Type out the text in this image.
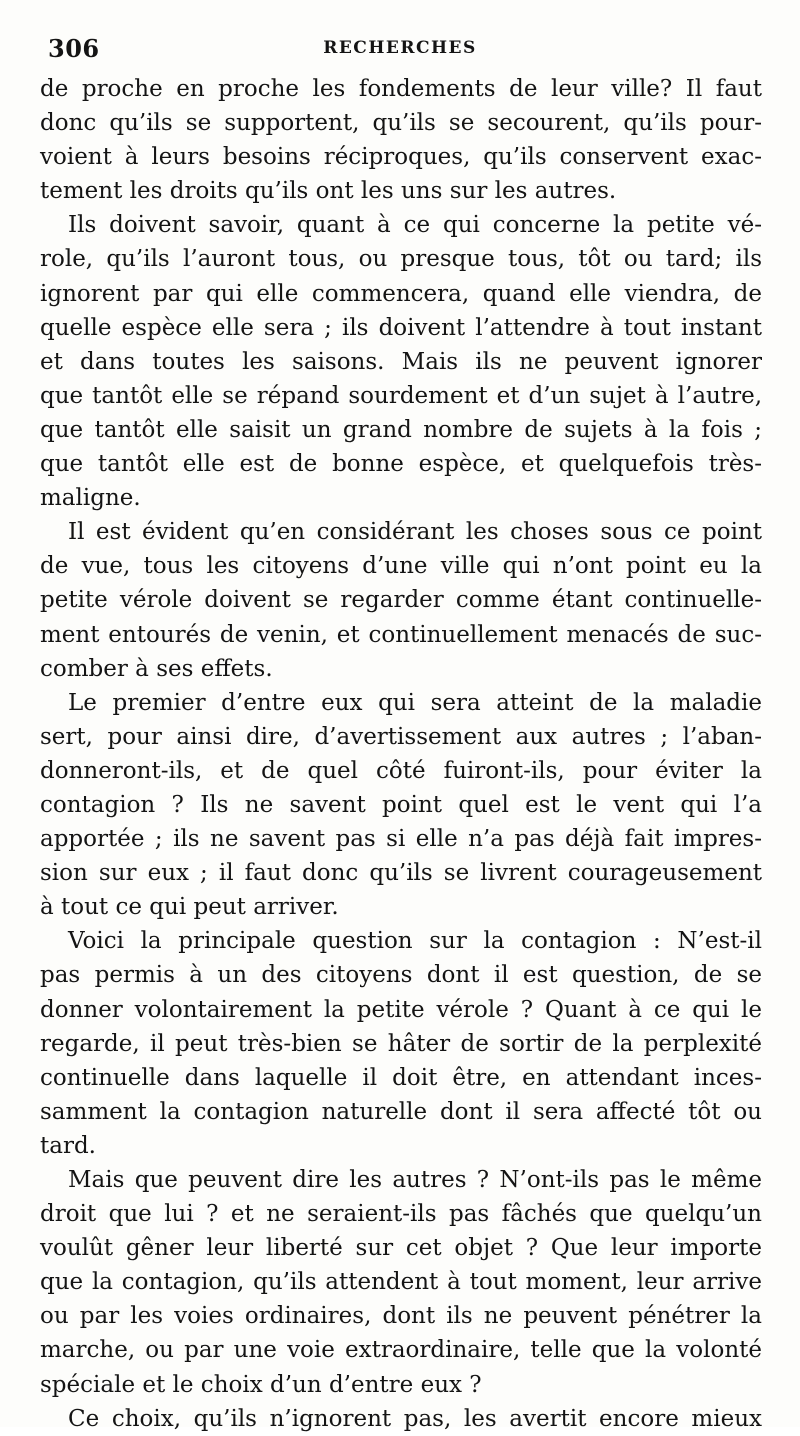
306	RECHERCHES
de proche en proche les fondements de leur ville? Il faut
donc qu’ils se supportent, qu’ils se secourent, qu’ils pour-
voient à leurs besoins réciproques, qu’ils conservent exac-
tement les droits qu’ils ont les uns sur les autres.
Ils doivent savoir, quant à ce qui concerne la petite vé-
role, qu’ils l’auront tous, ou presque tous, tôt ou tard; ils
ignorent par qui elle commencera, quand elle viendra, de
quelle espèce elle sera ; ils doivent l’attendre à tout instant
et dans toutes les saisons. Mais ils ne peuvent ignorer
que tantôt elle se répand sourdement et d’un sujet à l’autre,
que tantôt elle saisit un grand nombre de sujets à la fois ;
que tantôt elle est de bonne espèce, et quelquefois très-
maligne.
Il est évident qu’en considérant les choses sous ce point
de vue, tous les citoyens d’une ville qui n’ont point eu la
petite vérole doivent se regarder comme étant continuelle-
ment entourés de venin, et continuellement menacés de suc-
comber à ses effets.
Le premier d’entre eux qui sera atteint de la maladie
sert, pour ainsi dire, d’avertissement aux autres ; l’aban-
donneront-ils, et de quel côté fuiront-ils, pour éviter la
contagion ? Ils ne savent point quel est le vent qui l’a
apportée ; ils ne savent pas si elle n’a pas déjà fait impres-
sion sur eux ; il faut donc qu’ils se livrent courageusement
à tout ce qui peut arriver.
Voici la principale question sur la contagion : N’est-il
pas permis à un des citoyens dont il est question, de se
donner volontairement la petite vérole ? Quant à ce qui le
regarde, il peut très-bien se hâter de sortir de la perplexité
continuelle dans laquelle il doit être, en attendant inces-
samment la contagion naturelle dont il sera affecté tôt ou
tard.
Mais que peuvent dire les autres ? N’ont-ils pas le même
droit que lui ? et ne seraient-ils pas fâchés que quelqu’un
voulût gêner leur liberté sur cet objet ? Que leur importe
que la contagion, qu’ils attendent à tout moment, leur arrive
ou par les voies ordinaires, dont ils ne peuvent pénétrer la
marche, ou par une voie extraordinaire, telle que la volonté
spéciale et le choix d’un d’entre eux ?
Ce choix, qu’ils n’ignorent pas, les avertit encore mieux
